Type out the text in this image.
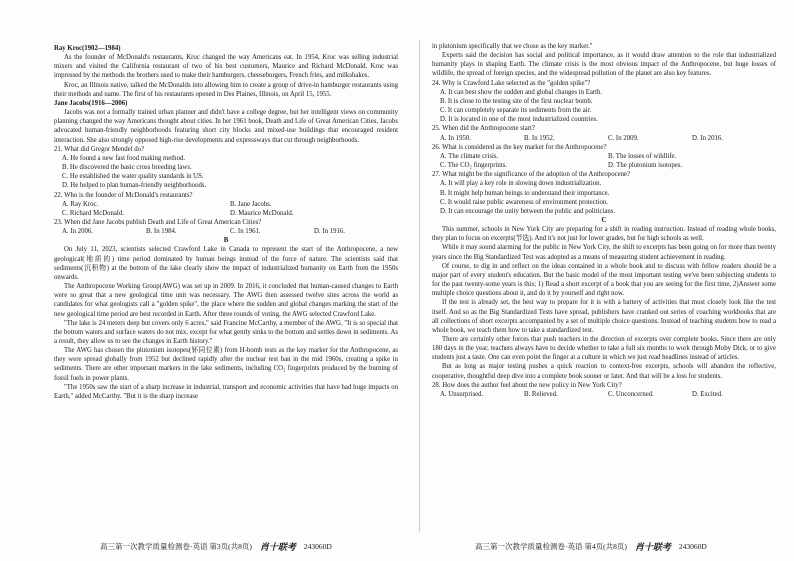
Ray Kroc(1902—1984)

As the founder of McDonald's restaurants, Kroc changed the way Americans eat. In 1954, Kroc was selling industrial mixers and visited the California restaurant of two of his best customers, Maurice and Richard McDonald. Kroc was impressed by the methods the brothers used to make their hamburgers, cheeseburgers, French fries, and milkshakes.

Kroc, an Illinois native, talked the McDonalds into allowing him to create a group of drive-in hamburger restaurants using their methods and name. The first of his restaurants opened in Des Plaines, Illinois, on April 15, 1955.

Jane Jacobs(1916—2006)

Jacobs was not a formally trained urban planner and didn't have a college degree, but her intelligent views on community planning changed the way Americans thought about cities. In her 1961 book, Death and Life of Great American Cities, Jacobs advocated human-friendly neighborhoods featuring short city blocks and mixed-use buildings that encouraged resident interaction. She also strongly opposed high-rise developments and expressways that cut through neighborhoods.

21. What did Gregor Mendel do?

A. He found a new fast food making method.
B. He discovered the basic cross breeding laws.
C. He established the water quality standards in US.
D. He helped to plan human-friendly neighborhoods.

22. Who is the founder of McDonald's restaurants?

A. Ray Kroc.	B. Jane Jacobs.
C. Richard McDonald.	D. Maurice McDonald.

23. When did Jane Jacobs publish Death and Life of Great American Cities?

A. In 2006.	B. In 1984.	C. In 1961.	D. In 1916.

B

On July 11, 2023, scientists selected Crawford Lake in Canada to represent the start of the Anthropocene, a new geological(地质的) time period dominated by human beings instead of the force of nature. The scientists said that sediments(沉积物) at the bottom of the lake clearly show the impact of industrialized humanity on Earth from the 1950s onwards.

The Anthropocene Working Group(AWG) was set up in 2009. In 2016, it concluded that human-caused changes to Earth were so great that a new geological time unit was necessary. The AWG then assessed twelve sites across the world as candidates for what geologists call a "golden spike", the place where the sudden and global changes marking the start of the new geological time period are best recorded in Earth. After three rounds of voting, the AWG selected Crawford Lake.

"The lake is 24 meters deep but covers only 6 acres," said Francine McCarthy, a member of the AWG. "It is so special that the bottom waters and surface waters do not mix, except for what gently sinks to the bottom and settles down in sediments. As a result, they allow us to see the changes in Earth history."

The AWG has chosen the plutonium isotopes(钚同位素) from H-bomb tests as the key marker for the Anthropocene, as they were spread globally from 1952 but declined rapidly after the nuclear test ban in the mid 1960s, creating a spike in sediments. There are other important markers in the lake sediments, including CO₂ fingerprints produced by the burning of fossil fuels in power plants.

"The 1950s saw the start of a sharp increase in industrial, transport and economic activities that have had huge impacts on Earth," added McCarthy. "But it is the sharp increase

in plutonium specifically that we chose as the key marker."

Experts said the decision has social and political importance, as it would draw attention to the role that industrialized humanity plays in shaping Earth. The climate crisis is the most obvious impact of the Anthropocene, but huge losses of wildlife, the spread of foreign species, and the widespread pollution of the planet are also key features.

24. Why is Crawford Lake selected as the "golden spike"?

A. It can best show the sudden and global changes in Earth.
B. It is close to the testing site of the first nuclear bomb.
C. It can completely separate its sediments from the air.
D. It is located in one of the most industrialized countries.

25. When did the Anthropocene start?

A. In 1950.	B. In 1952.	C. In 2009.	D. In 2016.

26. What is considered as the key marker for the Anthropocene?

A. The climate crisis.	B. The losses of wildlife.
C. The CO₂ fingerprints.	D. The plutonium isotopes.

27. What might be the significance of the adoption of the Anthropocene?

A. It will play a key role in slowing down industrialization.
B. It might help human beings to understand their importance.
C. It would raise public awareness of environment protection.
D. It can encourage the unity between the public and politicians.

C

This summer, schools in New York City are preparing for a shift in reading instruction. Instead of reading whole books, they plan to focus on excerpts(节选). And it's not just for lower grades, but for high schools as well.

While it may sound alarming for the public in New York City, the shift to excerpts has been going on for more than twenty years since the Big Standardized Test was adopted as a means of measuring student achievement in reading.

Of course, to dig in and reflect on the ideas contained in a whole book and to discuss with fellow readers should be a major part of every student's education. But the basic model of the most important testing we've been subjecting students to for the past twenty-some years is this; 1) Read a short excerpt of a book that you are seeing for the first time, 2)Answer some multiple choice questions about it, and do it by yourself and right now.

If the test is already set, the best way to prepare for it is with a battery of activities that most closely look like the test itself. And so as the Big Standardized Tests have spread, publishers have cranked out series of coaching workbooks that are all collections of short excerpts accompanied by a set of multiple choice questions. Instead of teaching students how to read a whole book, we teach them how to take a standardized test.

There are certainly other forces that push teachers in the direction of excerpts over complete books. Since there are only 180 days in the year, teachers always have to decide whether to take a full six months to work through Moby Dick, or to give students just a taste. One can even point the finger at a culture in which we just read headlines instead of articles.

But as long as major testing pushes a quick reaction to context-free excerpts, schools will abandon the reflective, cooperative, thoughtful deep dive into a complete book sooner or later. And that will be a loss for students.

28. How does the author feel about the new policy in New York City?

A. Unsurprised.	B. Relieved.	C. Unconcerned.	D. Excited.
高三第一次教学质量检测卷·英语 第3页(共8页) 肖十联考 243060D	高三第一次教学质量检测卷·英语 第4页(共8页) 肖十联考 243060D
